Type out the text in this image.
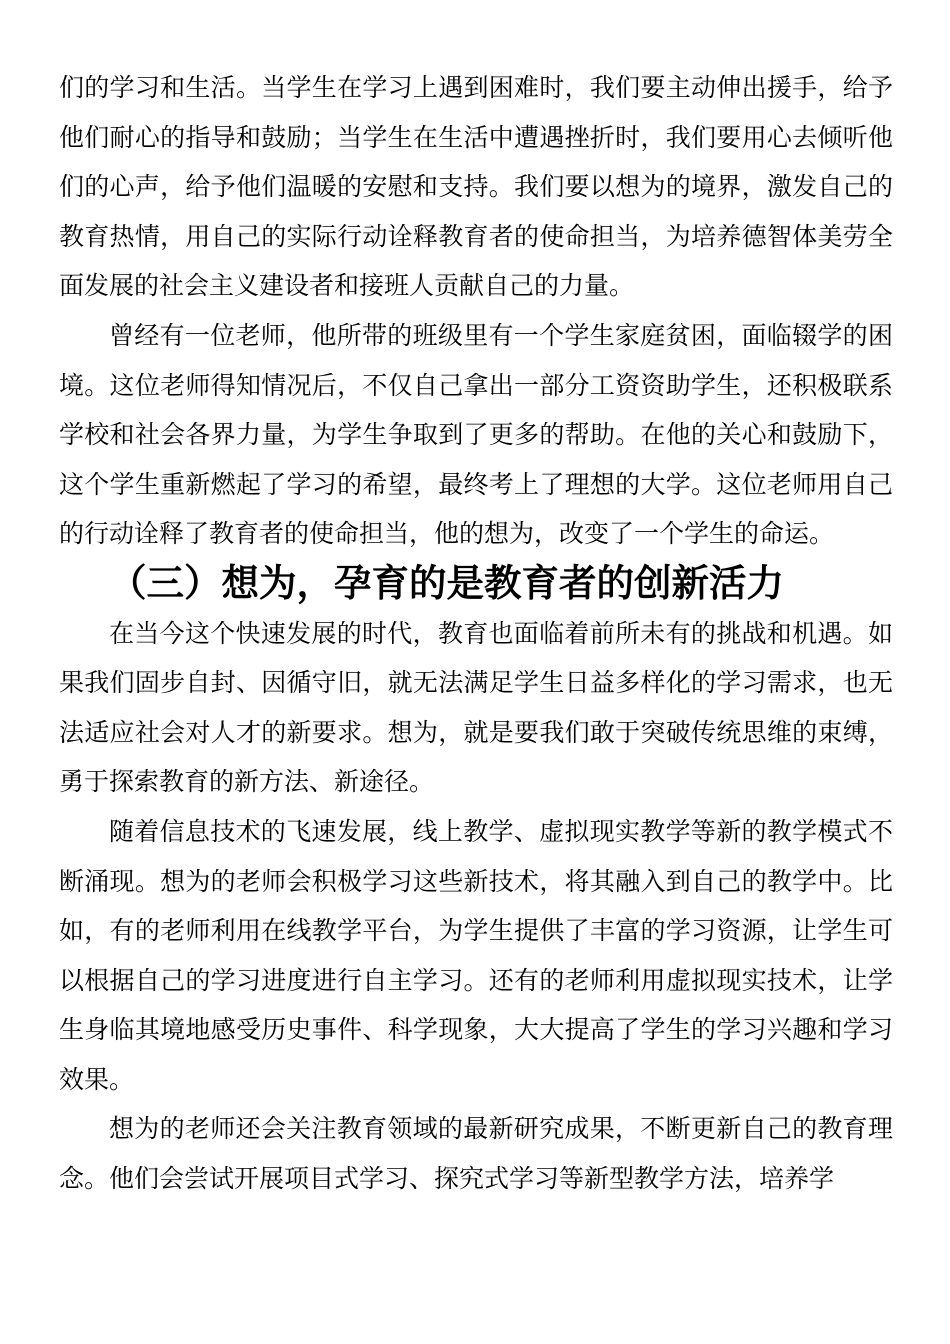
们的学习和生活。当学生在学习上遇到困难时，我们要主动伸出援手，给予他们耐心的指导和鼓励；当学生在生活中遭遇挫折时，我们要用心去倾听他们的心声，给予他们温暖的安慰和支持。我们要以想为的境界，激发自己的教育热情，用自己的实际行动诠释教育者的使命担当，为培养德智体美劳全面发展的社会主义建设者和接班人贡献自己的力量。

曾经有一位老师，他所带的班级里有一个学生家庭贫困，面临辍学的困境。这位老师得知情况后，不仅自己拿出一部分工资资助学生，还积极联系学校和社会各界力量，为学生争取到了更多的帮助。在他的关心和鼓励下，这个学生重新燃起了学习的希望，最终考上了理想的大学。这位老师用自己的行动诠释了教育者的使命担当，他的想为，改变了一个学生的命运。

（三）想为，孕育的是教育者的创新活力

在当今这个快速发展的时代，教育也面临着前所未有的挑战和机遇。如果我们固步自封、因循守旧，就无法满足学生日益多样化的学习需求，也无法适应社会对人才的新要求。想为，就是要我们敢于突破传统思维的束缚，勇于探索教育的新方法、新途径。

随着信息技术的飞速发展，线上教学、虚拟现实教学等新的教学模式不断涌现。想为的老师会积极学习这些新技术，将其融入到自己的教学中。比如，有的老师利用在线教学平台，为学生提供了丰富的学习资源，让学生可以根据自己的学习进度进行自主学习。还有的老师利用虚拟现实技术，让学生身临其境地感受历史事件、科学现象，大大提高了学生的学习兴趣和学习效果。

想为的老师还会关注教育领域的最新研究成果，不断更新自己的教育理念。他们会尝试开展项目式学习、探究式学习等新型教学方法，培养学
